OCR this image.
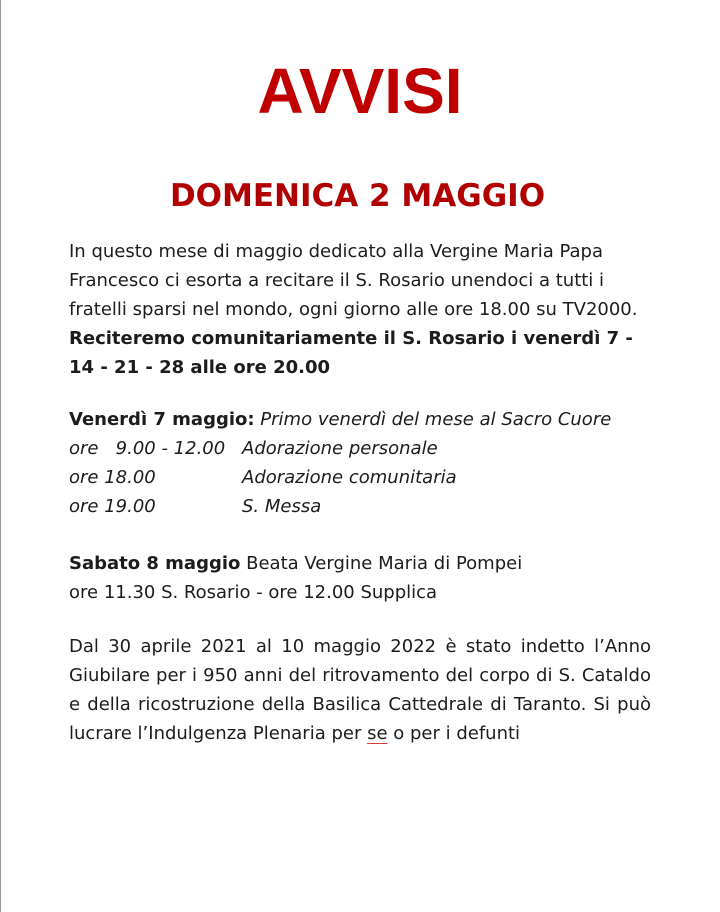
AVVISI
DOMENICA 2 MAGGIO

In questo mese di maggio dedicato alla Vergine Maria Papa Francesco ci esorta a recitare il S. Rosario unendoci a tutti i fratelli sparsi nel mondo, ogni giorno alle ore 18.00 su TV2000. Reciteremo comunitariamente il S. Rosario i venerdì 7 - 14 - 21 - 28 alle ore 20.00

Venerdì 7 maggio: Primo venerdì del mese al Sacro Cuore
ore   9.00 - 12.00 Adorazione personale
ore 18.00	Adorazione comunitaria
ore 19.00	S. Messa
Sabato 8 maggio Beata Vergine Maria di Pompei
ore 11.30 S. Rosario - ore 12.00 Supplica

Dal 30 aprile 2021 al 10 maggio 2022 è stato indetto l’Anno Giubilare per i 950 anni del ritrovamento del corpo di S. Cataldo e della ricostruzione della Basilica Cattedrale di Taranto. Si può lucrare l’Indulgenza Plenaria per se o per i defunti
